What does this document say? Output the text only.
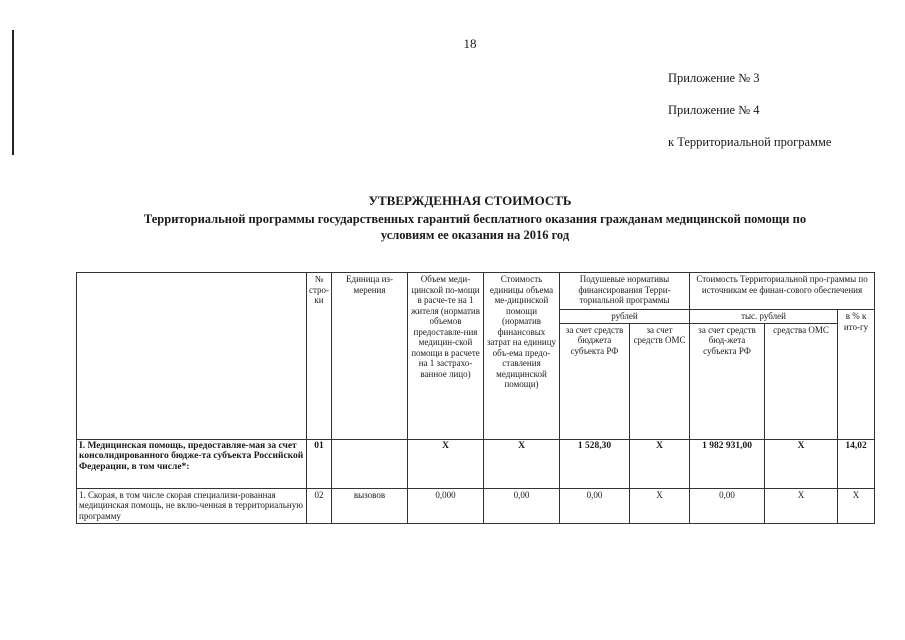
18
Приложение № 3
Приложение № 4
к Территориальной программе
УТВЕРЖДЕННАЯ СТОИМОСТЬ
Территориальной программы государственных гарантий бесплатного оказания гражданам медицинской помощи по
условиям ее оказания на 2016 год
	№ стро-ки	Единица из-мерения	Объем меди-цинской по-мощи в расче-те на 1 жителя (норматив объемов предоставле-ния медицин-ской помощи в расчете на 1 застрахо-ванное лицо)	Стоимость единицы объема ме-дицинской помощи (норматив финансовых затрат на единицу объ-ема предо-ставления медицинской помощи)	Подушевые нормативы финансирования Терри-ториальной программы		Стоимость Территориальной про-граммы по источникам ее финан-сового обеспечения		
					рублей		тыс. рублей		в % к ито-гу
					за счет средств бюджета субъекта РФ	за счет средств ОМС	за счет средств бюд-жета субъекта РФ	средства ОМС	
I. Медицинская помощь, предоставляе-мая за счет консолидированного бюдже-та субъекта Российской Федерации, в том числе*:	01		X	X	1 528,30	X	1 982 931,00	X	14,02
1. Скорая, в том числе скорая специализи-рованная медицинская помощь, не вклю-ченная в территориальную программу	02	вызовов	0,000	0,00	0,00	X	0,00	X	X
